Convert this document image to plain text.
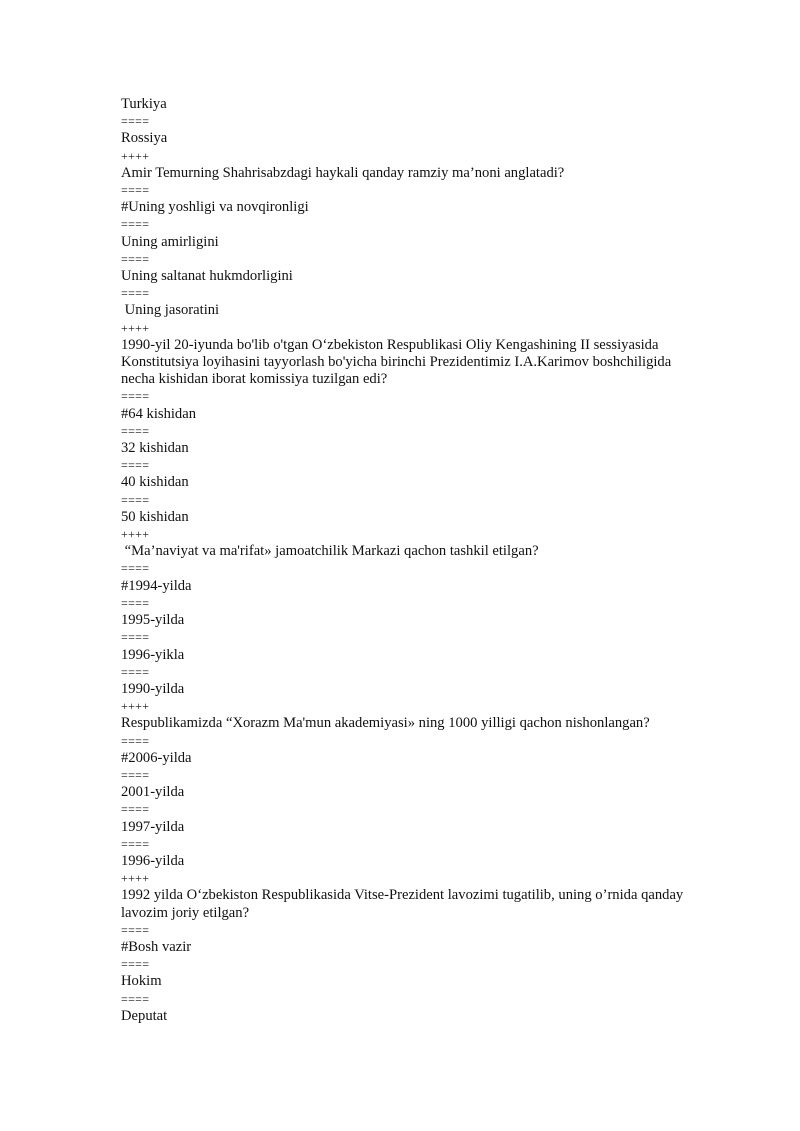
Turkiya

====

Rossiya

++++

Amir Temurning Shahrisabzdagi haykali qanday ramziy ma’noni anglatadi?

====

#Uning yoshligi va novqironligi

====

Uning amirligini

====

Uning saltanat hukmdorligini

====

Uning jasoratini

++++

1990-yil 20-iyunda bo'lib o'tgan O‘zbekiston Respublikasi Oliy Kengashining II sessiyasida Konstitutsiya loyihasini tayyorlash bo'yicha birinchi Prezidentimiz I.A.Karimov boshchiligida necha kishidan iborat komissiya tuzilgan edi?

====

#64 kishidan

====

32 kishidan

====

40 kishidan

====

50 kishidan

++++

“Ma’naviyat va ma'rifat» jamoatchilik Markazi qachon tashkil etilgan?

====

#1994-yilda

====

1995-yilda

====

1996-yikla

====

1990-yilda

++++

Respublikamizda “Xorazm Ma'mun akademiyasi» ning 1000 yilligi qachon nishonlangan?

====

#2006-yilda

====

2001-yilda

====

1997-yilda

====

1996-yilda

++++

1992 yilda O‘zbekiston Respublikasida Vitse-Prezident lavozimi tugatilib, uning o’rnida qanday lavozim joriy etilgan?

====

#Bosh vazir

====

Hokim

====

Deputat
